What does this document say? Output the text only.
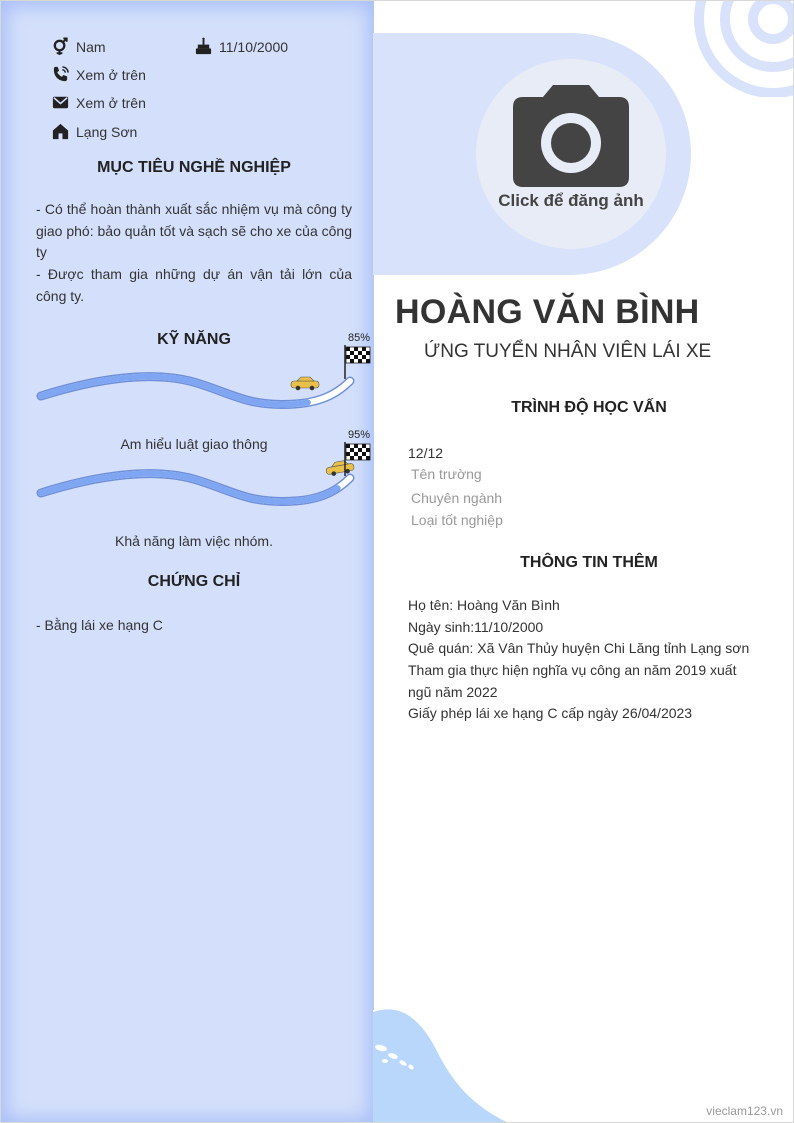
Nam	11/10/2000
Xem ở trên
Xem ở trên
Lạng Sơn
MỤC TIÊU NGHỀ NGHIỆP
- Có thể hoàn thành xuất sắc nhiệm vụ mà công ty giao phó: bảo quản tốt và sạch sẽ cho xe của công ty
- Được tham gia những dự án vận tải lớn của công ty.
KỸ NĂNG	85%
Am hiểu luật giao thông
95%
Khả năng làm việc nhóm.
CHỨNG CHỈ
- Bằng lái xe hạng C
Click để đăng ảnh
HOÀNG VĂN BÌNH
ỨNG TUYỂN NHÂN VIÊN LÁI XE
TRÌNH ĐỘ HỌC VẤN
12/12
Tên trường
Chuyên ngành
Loại tốt nghiệp
THÔNG TIN THÊM
Họ tên: Hoàng Văn Bình
Ngày sinh:11/10/2000
Quê quán: Xã Vân Thủy huyện Chi Lăng tỉnh Lạng sơn
Tham gia thực hiện nghĩa vụ công an năm 2019 xuất ngũ năm 2022
Giấy phép lái xe hạng C cấp ngày 26/04/2023
vieclam123.vn
